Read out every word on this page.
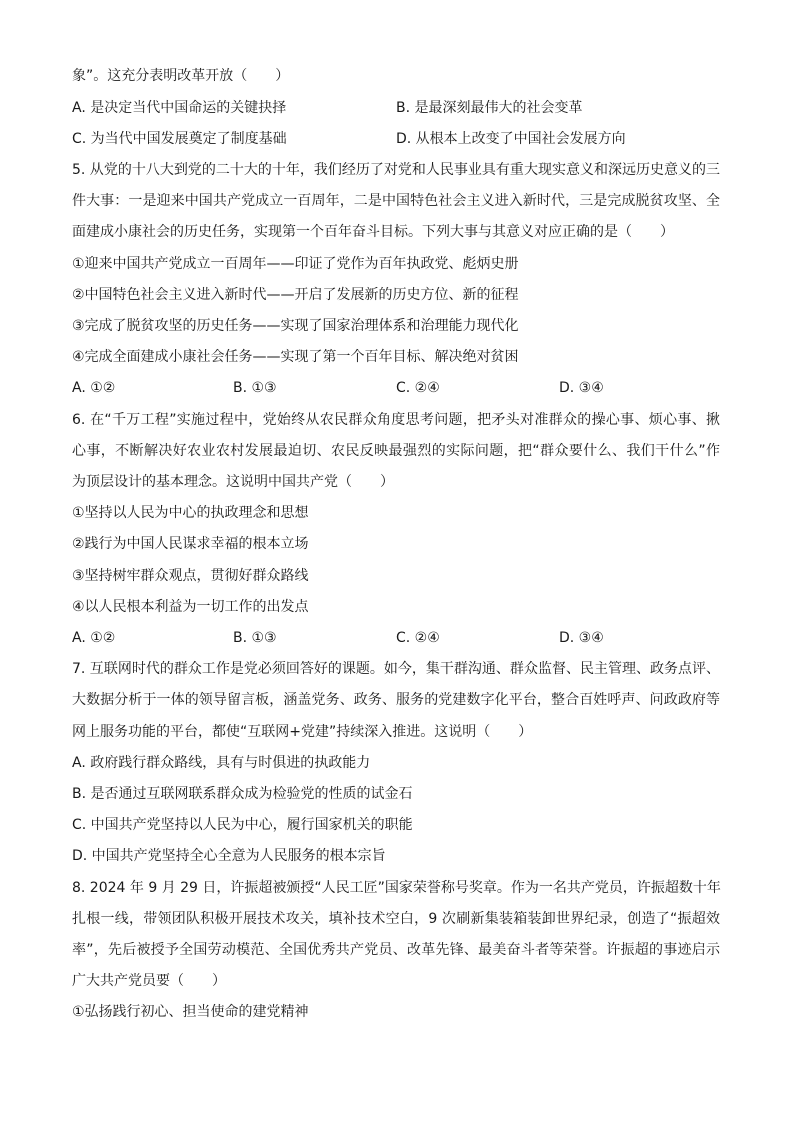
象”。这充分表明改革开放（　　）
A. 是决定当代中国命运的关键抉择	B. 是最深刻最伟大的社会变革
C. 为当代中国发展奠定了制度基础	D. 从根本上改变了中国社会发展方向
5. 从党的十八大到党的二十大的十年，我们经历了对党和人民事业具有重大现实意义和深远历史意义的三
件大事：一是迎来中国共产党成立一百周年，二是中国特色社会主义进入新时代，三是完成脱贫攻坚、全
面建成小康社会的历史任务，实现第一个百年奋斗目标。下列大事与其意义对应正确的是（　　）
①迎来中国共产党成立一百周年——印证了党作为百年执政党、彪炳史册
②中国特色社会主义进入新时代——开启了发展新的历史方位、新的征程
③完成了脱贫攻坚的历史任务——实现了国家治理体系和治理能力现代化
④完成全面建成小康社会任务——实现了第一个百年目标、解决绝对贫困
A. ①②	B. ①③	C. ②④	D. ③④
6. 在“千万工程”实施过程中，党始终从农民群众角度思考问题，把矛头对准群众的操心事、烦心事、揪
心事，不断解决好农业农村发展最迫切、农民反映最强烈的实际问题，把“群众要什么、我们干什么”作
为顶层设计的基本理念。这说明中国共产党（　　）
①坚持以人民为中心的执政理念和思想
②践行为中国人民谋求幸福的根本立场
③坚持树牢群众观点，贯彻好群众路线
④以人民根本利益为一切工作的出发点
A. ①②	B. ①③	C. ②④	D. ③④
7. 互联网时代的群众工作是党必须回答好的课题。如今，集干群沟通、群众监督、民主管理、政务点评、
大数据分析于一体的领导留言板，涵盖党务、政务、服务的党建数字化平台，整合百姓呼声、问政政府等
网上服务功能的平台，都使“互联网+党建”持续深入推进。这说明（　　）
A. 政府践行群众路线，具有与时俱进的执政能力
B. 是否通过互联网联系群众成为检验党的性质的试金石
C. 中国共产党坚持以人民为中心，履行国家机关的职能
D. 中国共产党坚持全心全意为人民服务的根本宗旨
8. 2024 年 9 月 29 日，许振超被颁授“人民工匠”国家荣誉称号奖章。作为一名共产党员，许振超数十年
扎根一线，带领团队积极开展技术攻关，填补技术空白，9 次刷新集装箱装卸世界纪录，创造了“振超效
率”，先后被授予全国劳动模范、全国优秀共产党员、改革先锋、最美奋斗者等荣誉。许振超的事迹启示
广大共产党员要（　　）
①弘扬践行初心、担当使命的建党精神
